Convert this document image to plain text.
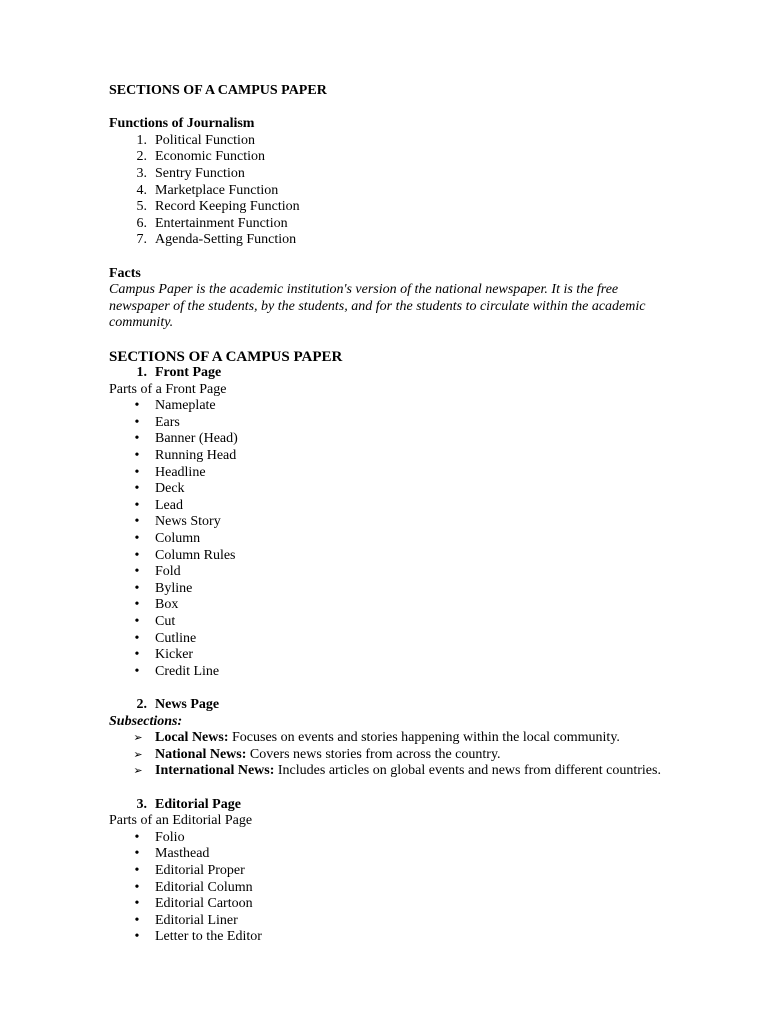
SECTIONS OF A CAMPUS PAPER
Functions of Journalism
1. Political Function
2. Economic Function
3. Sentry Function
4. Marketplace Function
5. Record Keeping Function
6. Entertainment Function
7. Agenda-Setting Function
Facts
Campus Paper is the academic institution's version of the national newspaper. It is the free newspaper of the students, by the students, and for the students to circulate within the academic community.
SECTIONS OF A CAMPUS PAPER
1. Front Page
Parts of a Front Page
• Nameplate
• Ears
• Banner (Head)
• Running Head
• Headline
• Deck
• Lead
• News Story
• Column
• Column Rules
• Fold
• Byline
• Box
• Cut
• Cutline
• Kicker
• Credit Line
2. News Page
Subsections:
➢ Local News: Focuses on events and stories happening within the local community.
➢ National News: Covers news stories from across the country.
➢ International News: Includes articles on global events and news from different countries.
3. Editorial Page
Parts of an Editorial Page
• Folio
• Masthead
• Editorial Proper
• Editorial Column
• Editorial Cartoon
• Editorial Liner
• Letter to the Editor
